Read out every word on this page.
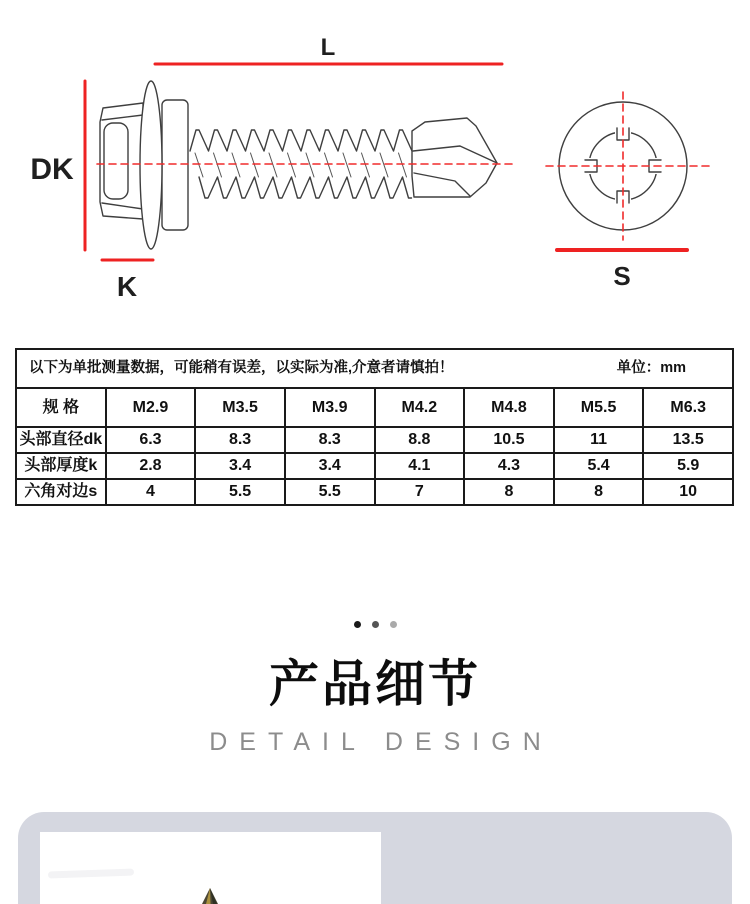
L
DK
K	S
以下为单批测量数据，可能稍有误差，以实际为准,介意者请慎拍！ 单位：mm							

规 格	M2.9	M3.5	M3.9	M4.2	M4.8	M5.5	M6.3
头部直径dk	6.3	8.3	8.3	8.8	10.5	11	13.5
头部厚度k	2.8	3.4	3.4	4.1	4.3	5.4	5.9
六角对边s	4	5.5	5.5	7	8	8	10
产品细节
DETAIL DESIGN
